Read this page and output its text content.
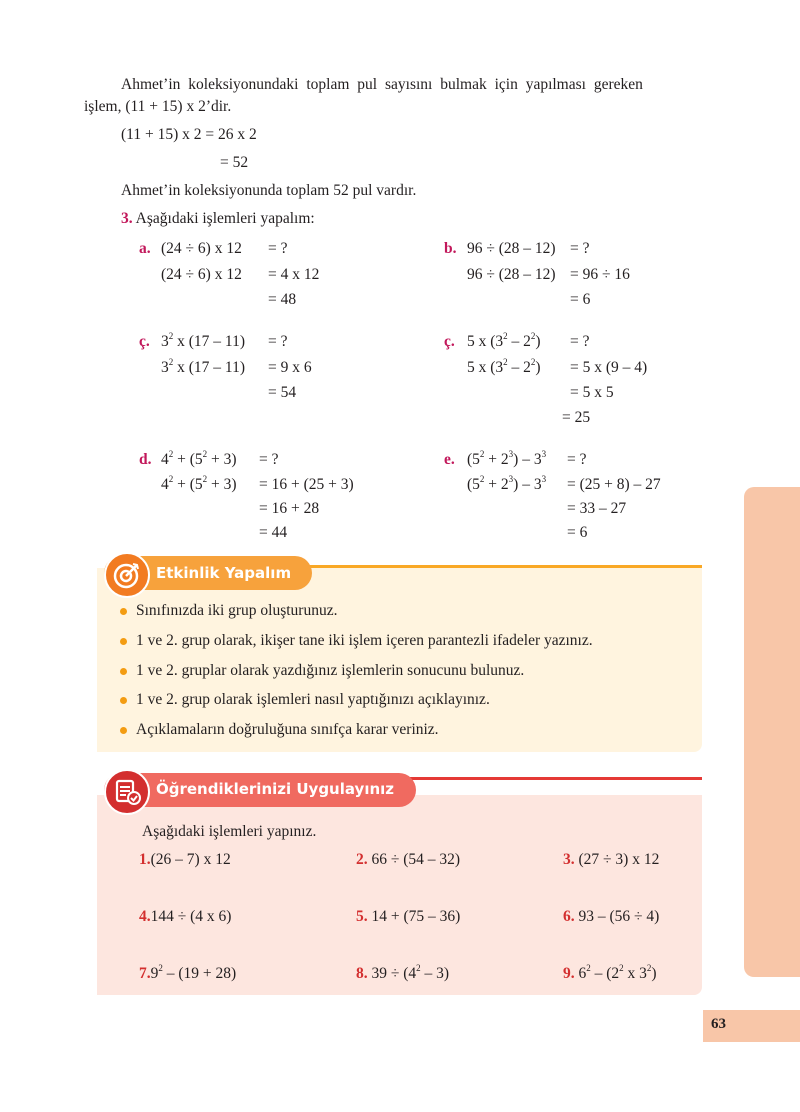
63
Ahmet’in koleksiyonundaki toplam pul sayısını bulmak için yapılması gereken
işlem, (11 + 15) x 2’dir.
(11 + 15) x 2 = 26 x 2
= 52
Ahmet’in koleksiyonunda toplam 52 pul vardır.
3. Aşağıdaki işlemleri yapalım:
a. (24 ÷ 6) x 12 = ?
(24 ÷ 6) x 12 = 4 x 12
= 48
b. 96 ÷ (28 – 12) = ?
96 ÷ (28 – 12) = 96 ÷ 16
= 6
ç. $3^2$ x (17 – 11) = ?
$3^2$ x (17 – 11) = 9 x 6
= 54
ç. 5 x $(3^2 - 2^2)$ = ?
5 x $(3^2 - 2^2) = 5$ x (9 – 4)
= 5 x 5
= 25
d. $4^2 + (5^2 + 3)$ = ?
$4^2 + (5^2 + 3) = 16 + (25 + 3)$
= 16 + 28
= 44
e. $(5^2 + 2^3) - 3^3$ = ?
$(5^2 + 2^3) - 3^3 = (25 + 8) - 27$
= 33 – 27
= 6
Etkinlik Yapalım
Sınıfınızda iki grup oluşturunuz.
1 ve 2. grup olarak, ikişer tane iki işlem içeren parantezli ifadeler yazınız.
1 ve 2. gruplar olarak yazdığınız işlemlerin sonucunu bulunuz.
1 ve 2. grup olarak işlemleri nasıl yaptığınızı açıklayınız.
Açıklamaların doğruluğuna sınıfça karar veriniz.
Öğrendiklerinizi Uygulayınız
Aşağıdaki işlemleri yapınız.
1.(26 – 7) x 12	2. 66 ÷ (54 – 32)	3. (27 ÷ 3) x 12
4.144 ÷ (4 x 6)	5. 14 + (75 – 36)	6. 93 – (56 ÷ 4)
$7.9^2 - (19 + 28)$	8. $39 \div (4^2 - 3)$	9. $6^2 - (2^2$ x $3^2$)
